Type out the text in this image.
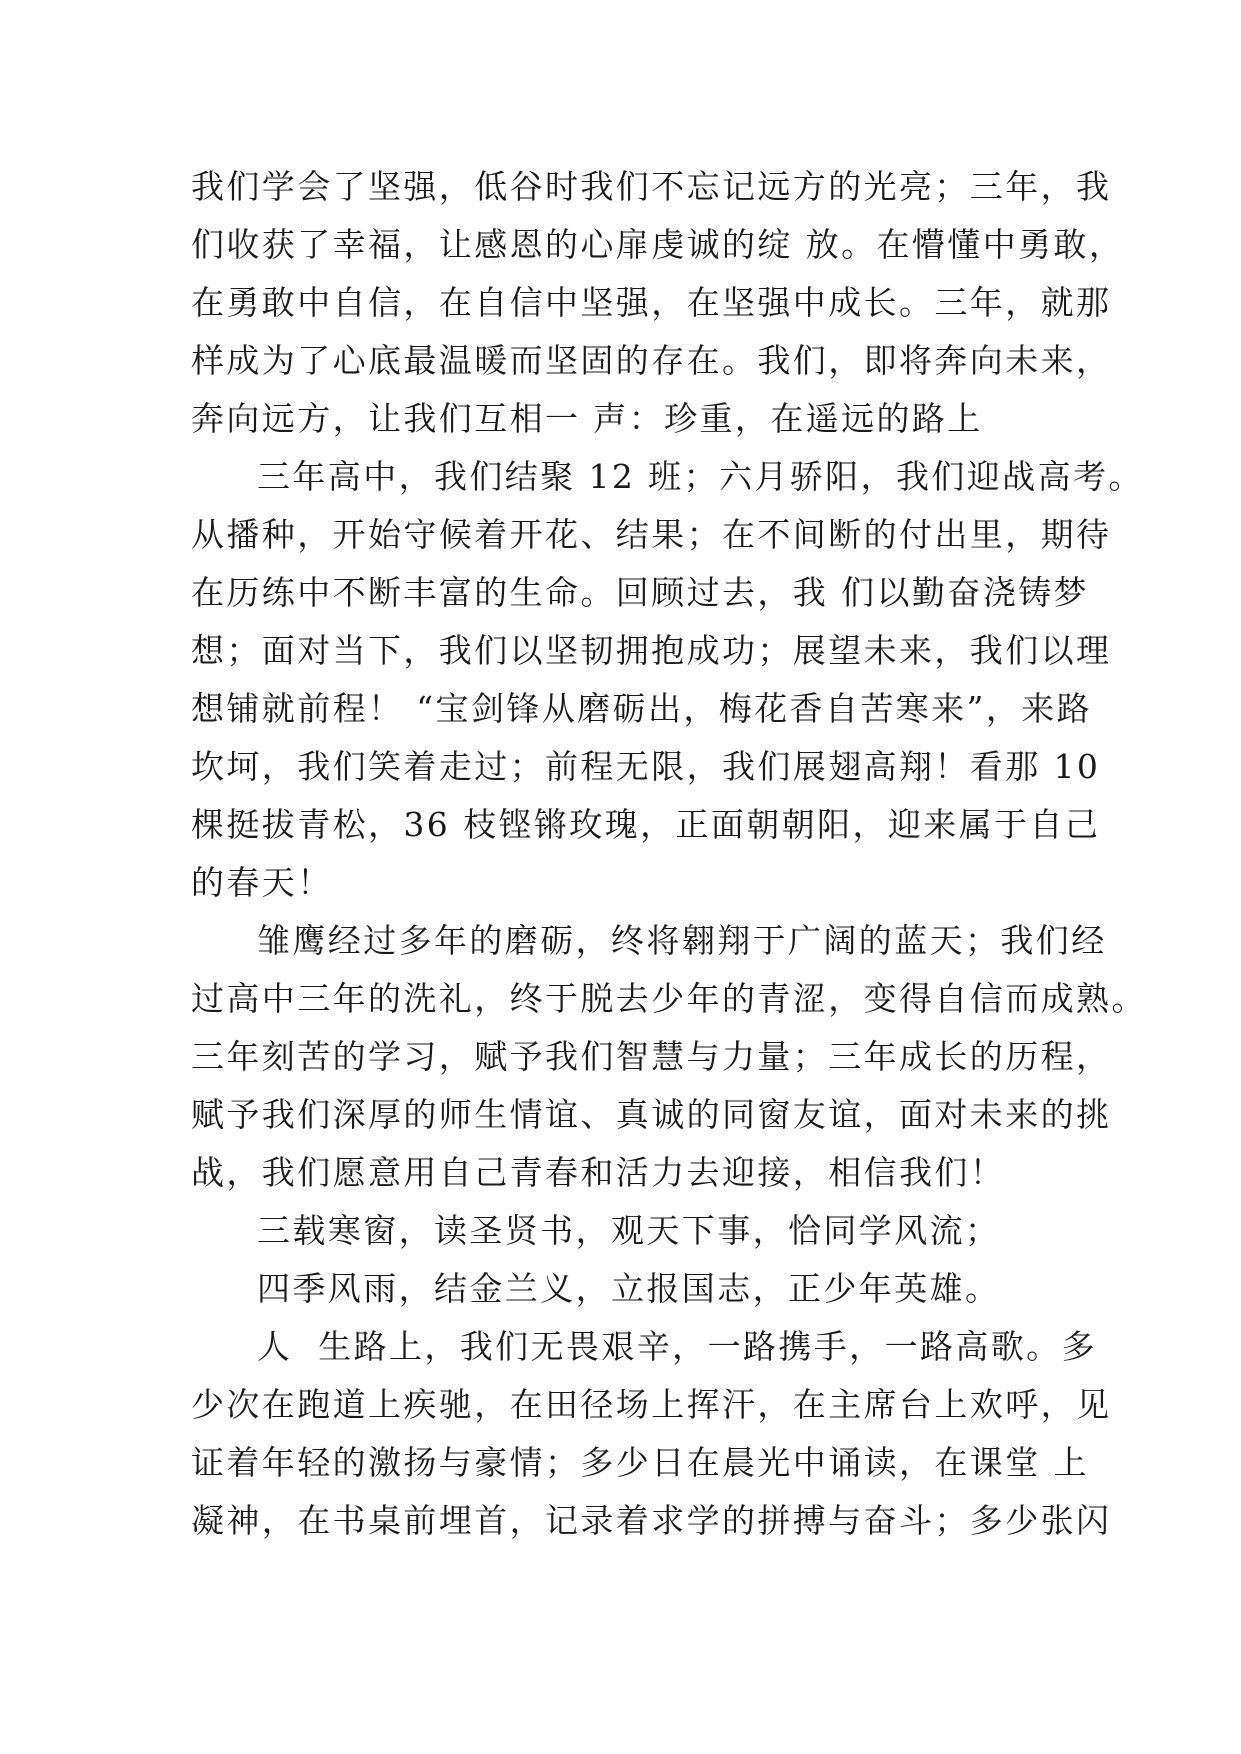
我们学会了坚强，低谷时我们不忘记远方的光亮；三年，我
们收获了幸福，让感恩的心扉虔诚的绽 放。在懵懂中勇敢，
在勇敢中自信，在自信中坚强，在坚强中成长。三年，就那
样成为了心底最温暖而坚固的存在。我们，即将奔向未来，
奔向远方，让我们互相一 声：珍重，在遥远的路上
三年高中，我们结聚 12 班；六月骄阳，我们迎战高考。
从播种，开始守候着开花、结果；在不间断的付出里，期待
在历练中不断丰富的生命。回顾过去，我 们以勤奋浇铸梦
想；面对当下，我们以坚韧拥抱成功；展望未来，我们以理
想铺就前程！ “宝剑锋从磨砺出，梅花香自苦寒来”，来路
坎坷，我们笑着走过；前程无限，我们展翅高翔！看那 10
棵挺拔青松，36 枝铿锵玫瑰，正面朝朝阳，迎来属于自己
的春天！
雏鹰经过多年的磨砺，终将翱翔于广阔的蓝天；我们经
过高中三年的洗礼，终于脱去少年的青涩，变得自信而成熟。
三年刻苦的学习，赋予我们智慧与力量；三年成长的历程，
赋予我们深厚的师生情谊、真诚的同窗友谊，面对未来的挑
战，我们愿意用自己青春和活力去迎接，相信我们！
三载寒窗，读圣贤书，观天下事，恰同学风流；
四季风雨，结金兰义，立报国志，正少年英雄。
人  生路上，我们无畏艰辛，一路携手，一路高歌。多
少次在跑道上疾驰，在田径场上挥汗，在主席台上欢呼，见
证着年轻的激扬与豪情；多少日在晨光中诵读，在课堂 上
凝神，在书桌前埋首，记录着求学的拼搏与奋斗；多少张闪
